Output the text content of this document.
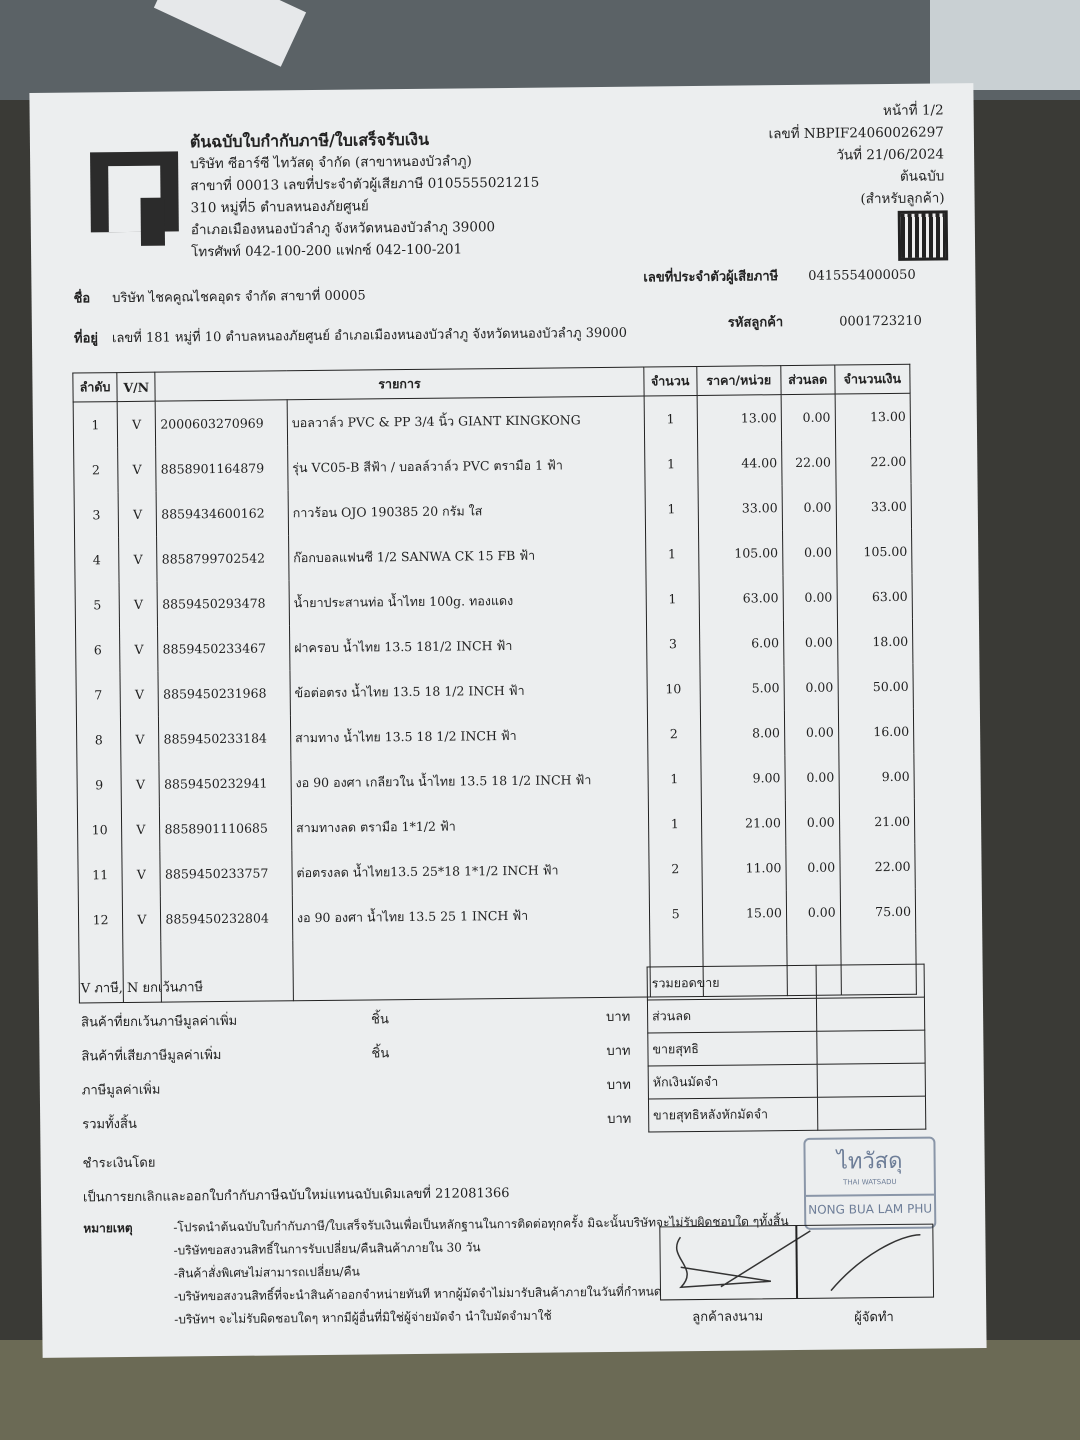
ต้นฉบับใบกำกับภาษี/ใบเสร็จรับเงิน
บริษัท ซีอาร์ซี ไทวัสดุ จำกัด (สาขาหนองบัวลำภู)
สาขาที่ 00013 เลขที่ประจำตัวผู้เสียภาษี 0105555021215
310 หมู่ที่5 ตำบลหนองภัยศูนย์
อำเภอเมืองหนองบัวลำภู จังหวัดหนองบัวลำภู 39000
โทรศัพท์ 042-100-200 แฟกซ์ 042-100-201
หน้าที่ 1/2
เลขที่ NBPIF24060026297
วันที่ 21/06/2024
ต้นฉบับ
(สำหรับลูกค้า)
ชื่อ บริษัท ไชคคูณไชคอุดร จำกัด สาขาที่ 00005
ที่อยู่ เลขที่ 181 หมู่ที่ 10 ตำบลหนองภัยศูนย์ อำเภอเมืองหนองบัวลำภู จังหวัดหนองบัวลำภู 39000
เลขที่ประจำตัวผู้เสียภาษี 0415554000050
รหัสลูกค้า	0001723210
ลำดับ	V/N	รายการ		จำนวน	ราคา/หน่วย	ส่วนลด	จำนวนเงิน
1	V	2000603270969	บอลวาล์ว PVC & PP 3/4 นิ้ว GIANT KINGKONG	1	13.00	0.00	13.00
2	V	8858901164879	รุ่น VC05-B สีฟ้า / บอลล์วาล์ว PVC ตรามือ 1 ฟ้า	1	44.00	22.00	22.00
3	V	8859434600162	กาวร้อน OJO 190385 20 กรัม ใส	1	33.00	0.00	33.00
4	V	8858799702542	ก๊อกบอลแฟนซี 1/2 SANWA CK 15 FB ฟ้า	1	105.00	0.00	105.00
5	V	8859450293478	น้ำยาประสานท่อ น้ำไทย 100g. ทองแดง	1	63.00	0.00	63.00
6	V	8859450233467	ฝาครอบ น้ำไทย 13.5 181/2 INCH ฟ้า	3	6.00	0.00	18.00
7	V	8859450231968	ข้อต่อตรง น้ำไทย 13.5 18 1/2 INCH ฟ้า	10	5.00	0.00	50.00
8	V	8859450233184	สามทาง น้ำไทย 13.5 18 1/2 INCH ฟ้า	2	8.00	0.00	16.00
9	V	8859450232941	งอ 90 องศา เกลียวใน น้ำไทย 13.5 18 1/2 INCH ฟ้า	1	9.00	0.00	9.00
10	V	8858901110685	สามทางลด ตรามือ 1*1/2 ฟ้า	1	21.00	0.00	21.00
11	V	8859450233757	ต่อตรงลด น้ำไทย13.5 25*18 1*1/2 INCH ฟ้า	2	11.00	0.00	22.00
12	V	8859450232804	งอ 90 องศา น้ำไทย 13.5 25 1 INCH ฟ้า	5	15.00	0.00	75.00

V ภาษี, N ยกเว้นภาษี
สินค้าที่ยกเว้นภาษีมูลค่าเพิ่ม	ชิ้น	บาท
สินค้าที่เสียภาษีมูลค่าเพิ่ม	ชิ้น	บาท
ภาษีมูลค่าเพิ่ม	บาท
รวมทั้งสิ้น	บาท
รวมยอดขาย	
ส่วนลด	
ขายสุทธิ	
หักเงินมัดจำ	
ขายสุทธิหลังหักมัดจำ	
ชำระเงินโดย
เป็นการยกเลิกและออกใบกำกับภาษีฉบับใหม่แทนฉบับเดิมเลขที่ 212081366
หมายเหตุ	-โปรดนำต้นฉบับใบกำกับภาษี/ใบเสร็จรับเงินเพื่อเป็นหลักฐานในการติดต่อทุกครั้ง มิฉะนั้นบริษัทจะไม่รับผิดชอบใด ๆทั้งสิ้น
-บริษัทขอสงวนสิทธิ์ในการรับเปลี่ยน/คืนสินค้าภายใน 30 วัน
-สินค้าสั่งพิเศษไม่สามารถเปลี่ยน/คืน
-บริษัทขอสงวนสิทธิ์ที่จะนำสินค้าออกจำหน่ายทันที หากผู้มัดจำไม่มารับสินค้าภายในวันที่กำหนด
-บริษัทฯ จะไม่รับผิดชอบใดๆ หากมีผู้อื่นที่มิใช่ผู้จ่ายมัดจำ นำใบมัดจำมาใช้
ไทวัสดุ
THAI WATSADU
NONG BUA LAM PHU
ลูกค้าลงนาม	ผู้จัดทำ
